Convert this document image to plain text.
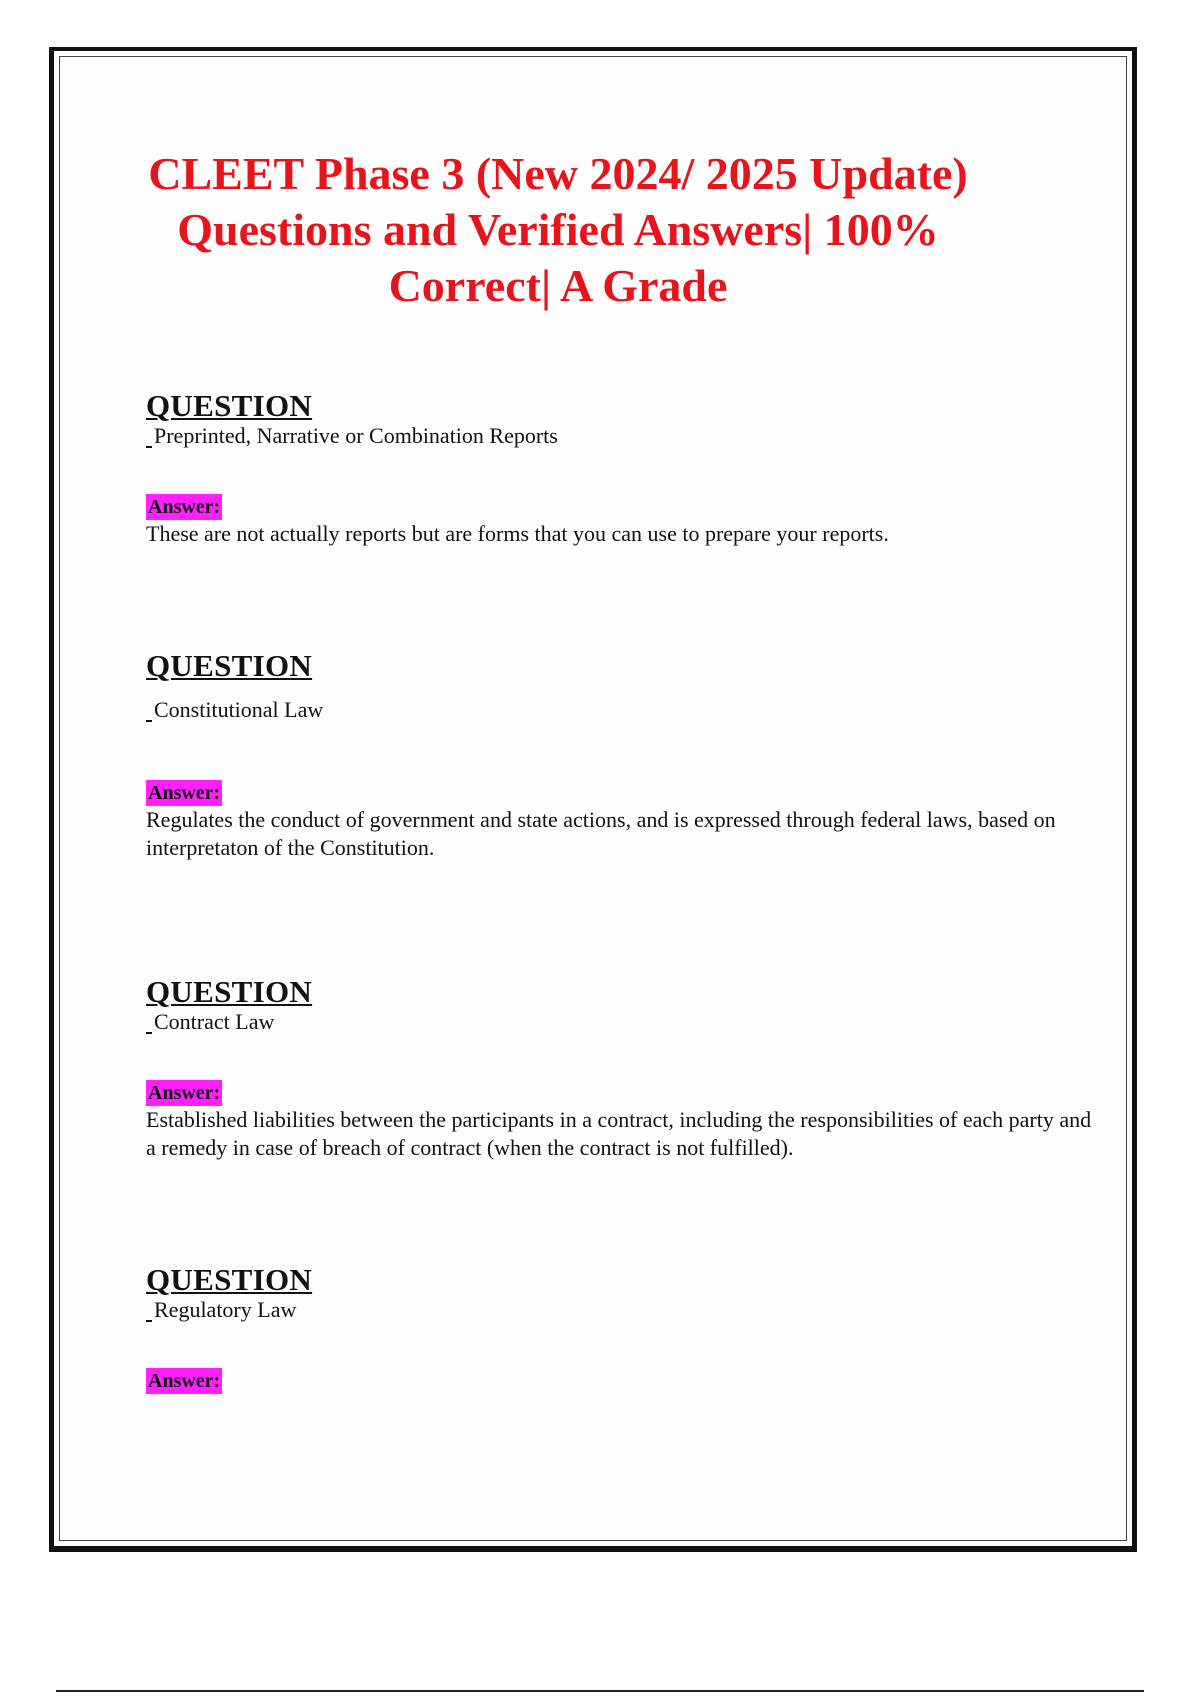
CLEET Phase 3 (New 2024/ 2025 Update) Questions and Verified Answers| 100% Correct| A Grade

QUESTION

Preprinted, Narrative or Combination Reports

Answer:

These are not actually reports but are forms that you can use to prepare your reports.

QUESTION

Constitutional Law

Answer:

Regulates the conduct of government and state actions, and is expressed through federal laws, based on interpretaton of the Constitution.

QUESTION

Contract Law

Answer:

Established liabilities between the participants in a contract, including the responsibilities of each party and a remedy in case of breach of contract (when the contract is not fulfilled).

QUESTION

Regulatory Law

Answer:
